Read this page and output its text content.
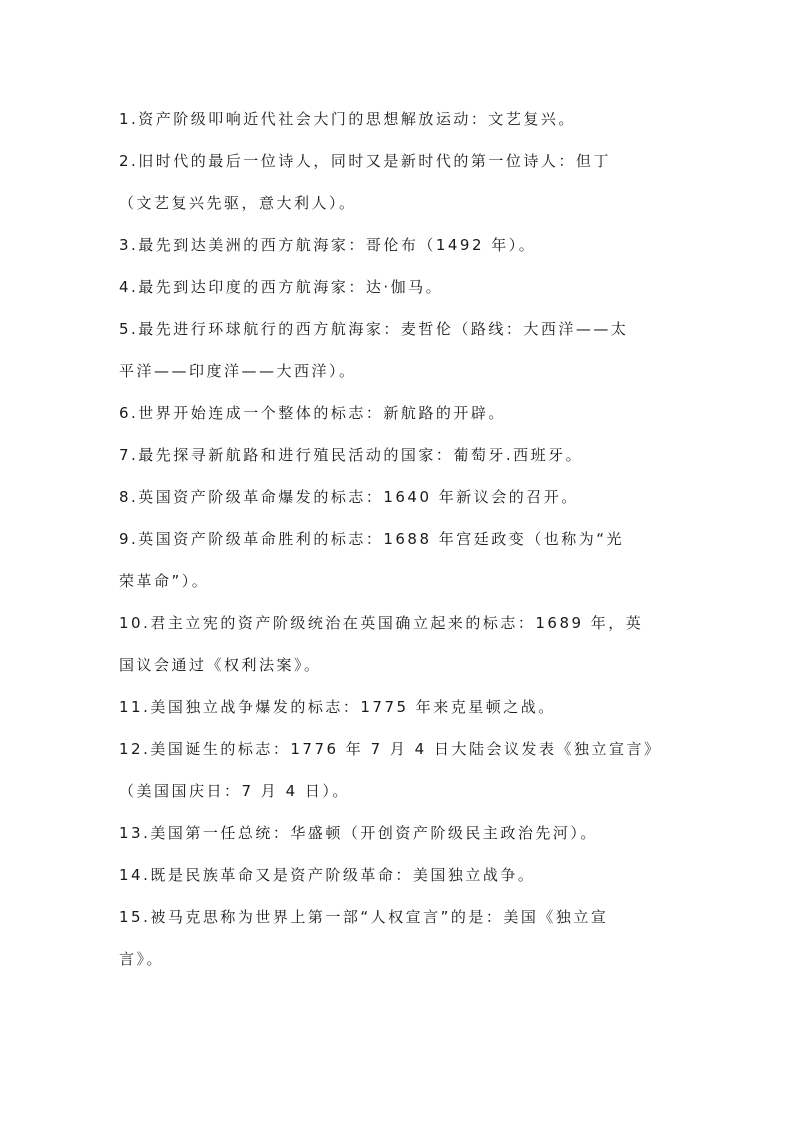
1.资产阶级叩响近代社会大门的思想解放运动：文艺复兴。
2.旧时代的最后一位诗人，同时又是新时代的第一位诗人：但丁
（文艺复兴先驱，意大利人）。
3.最先到达美洲的西方航海家：哥伦布（1492 年）。
4.最先到达印度的西方航海家：达·伽马。
5.最先进行环球航行的西方航海家：麦哲伦（路线：大西洋——太
平洋——印度洋——大西洋）。
6.世界开始连成一个整体的标志：新航路的开辟。
7.最先探寻新航路和进行殖民活动的国家：葡萄牙.西班牙。
8.英国资产阶级革命爆发的标志：1640 年新议会的召开。
9.英国资产阶级革命胜利的标志：1688 年宫廷政变（也称为“光
荣革命”）。
10.君主立宪的资产阶级统治在英国确立起来的标志：1689 年，英
国议会通过《权利法案》。
11.美国独立战争爆发的标志：1775 年来克星顿之战。
12.美国诞生的标志：1776 年 7 月 4 日大陆会议发表《独立宣言》
（美国国庆日：7 月 4 日）。
13.美国第一任总统：华盛顿（开创资产阶级民主政治先河）。
14.既是民族革命又是资产阶级革命：美国独立战争。
15.被马克思称为世界上第一部“人权宣言”的是：美国《独立宣
言》。
